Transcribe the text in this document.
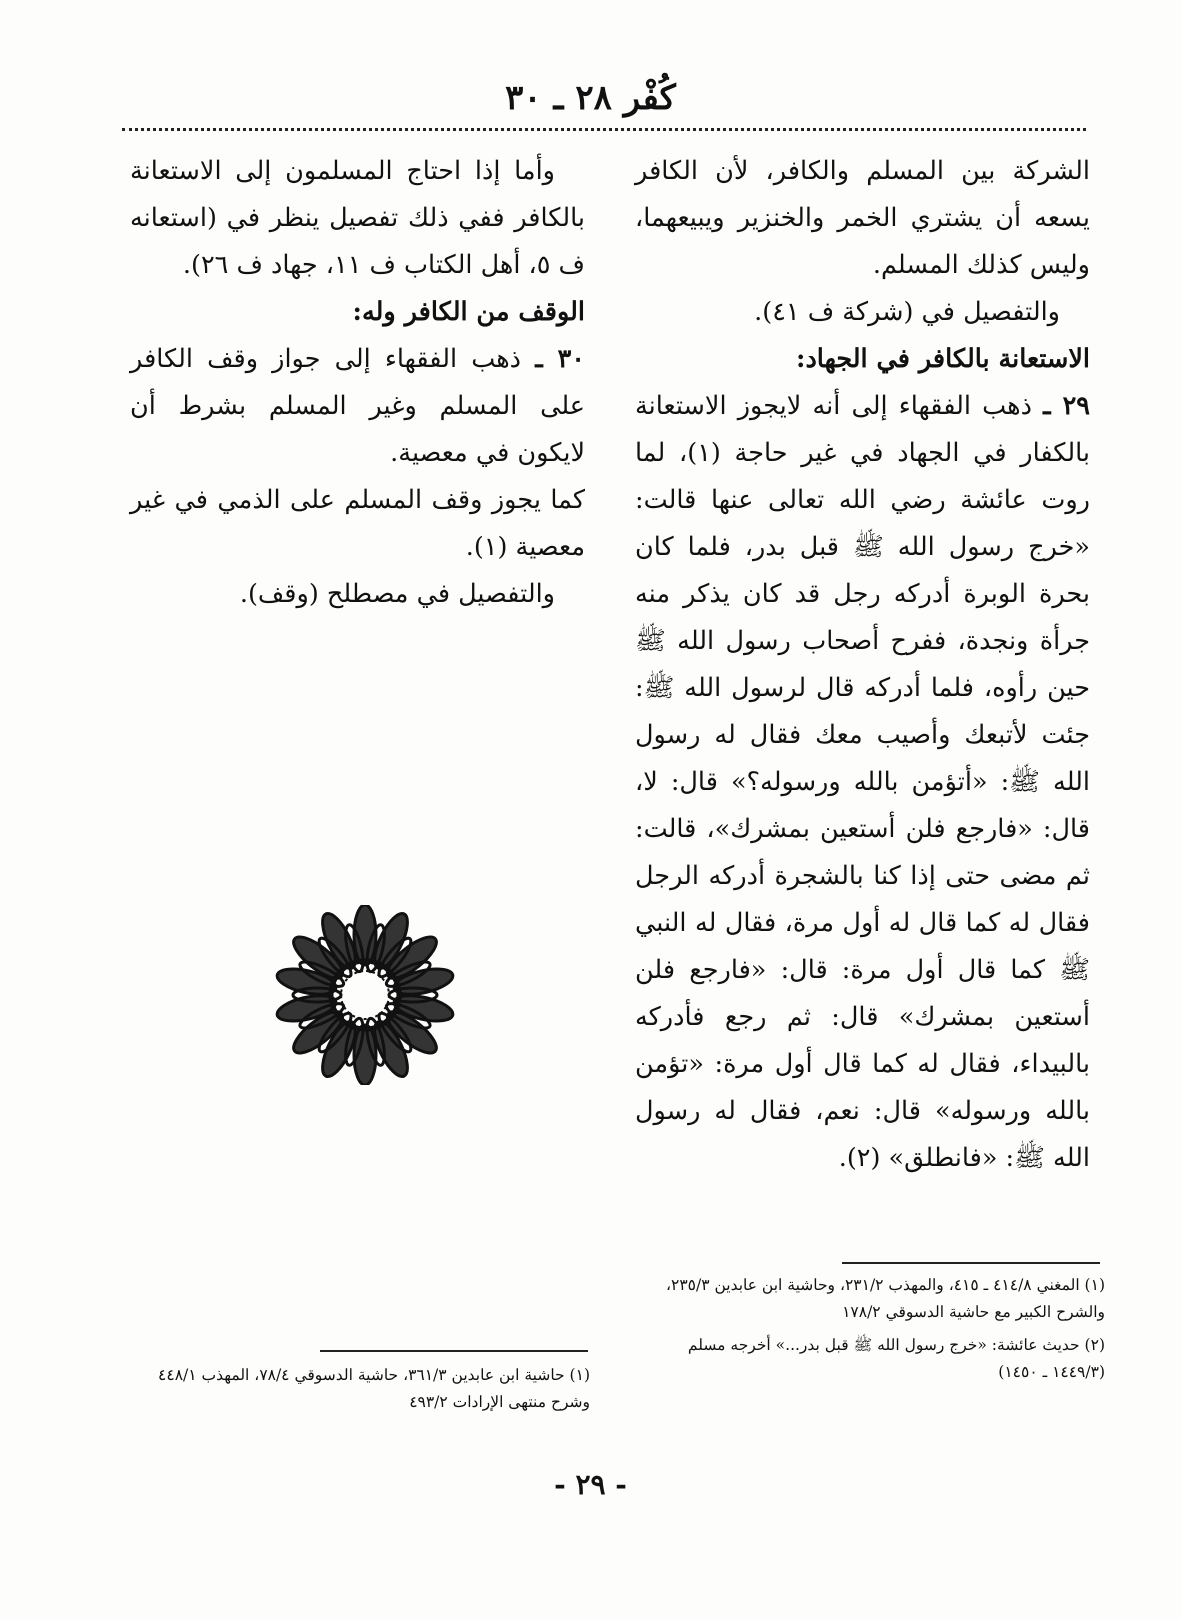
كُفْر ٢٨ ـ ٣٠

الشركة بين المسلم والكافر، لأن الكافر يسعه أن يشتري الخمر والخنزير ويبيعهما، وليس كذلك المسلم.

والتفصيل في (شركة ف ٤١).

الاستعانة بالكافر في الجهاد:

٢٩ ـ ذهب الفقهاء إلى أنه لايجوز الاستعانة بالكفار في الجهاد في غير حاجة (١)، لما روت عائشة رضي الله تعالى عنها قالت: «خرج رسول الله ﷺ قبل بدر، فلما كان بحرة الوبرة أدركه رجل قد كان يذكر منه جرأة ونجدة، ففرح أصحاب رسول الله ﷺ حين رأوه، فلما أدركه قال لرسول الله ﷺ: جئت لأتبعك وأصيب معك فقال له رسول الله ﷺ: «أتؤمن بالله ورسوله؟» قال: لا، قال: «فارجع فلن أستعين بمشرك»، قالت: ثم مضى حتى إذا كنا بالشجرة أدركه الرجل فقال له كما قال له أول مرة، فقال له النبي ﷺ كما قال أول مرة: قال: «فارجع فلن أستعين بمشرك» قال: ثم رجع فأدركه بالبيداء، فقال له كما قال أول مرة: «تؤمن بالله ورسوله» قال: نعم، فقال له رسول الله ﷺ: «فانطلق» (٢).

وأما إذا احتاج المسلمون إلى الاستعانة بالكافر ففي ذلك تفصيل ينظر في (استعانه ف ٥، أهل الكتاب ف ١١، جهاد ف ٢٦).

الوقف من الكافر وله:

٣٠ ـ ذهب الفقهاء إلى جواز وقف الكافر على المسلم وغير المسلم بشرط أن لايكون في معصية.

كما يجوز وقف المسلم على الذمي في غير معصية (١).

والتفصيل في مصطلح (وقف).

(١) المغني ٤١٤/٨ ـ ٤١٥، والمهذب ٢٣١/٢، وحاشية ابن عابدين ٢٣٥/٣، والشرح الكبير مع حاشية الدسوقي ١٧٨/٢

(٢) حديث عائشة: «خرج رسول الله ﷺ قبل بدر...» أخرجه مسلم (١٤٤٩/٣ ـ ١٤٥٠)

(١) حاشية ابن عابدين ٣٦١/٣، حاشية الدسوقي ٧٨/٤، المهذب ٤٤٨/١ وشرح منتهى الإرادات ٤٩٣/٢

- ٢٩ -
